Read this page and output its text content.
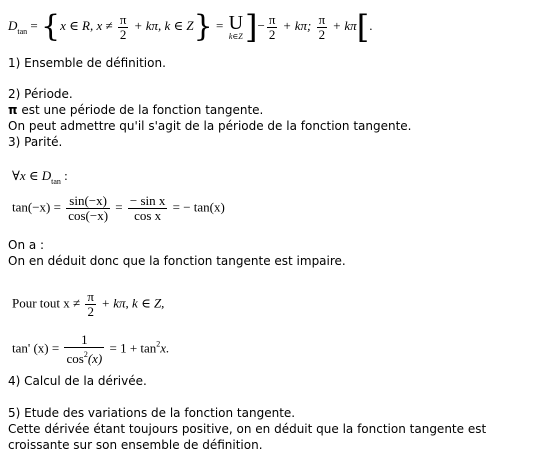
$D_{tan} = \{x$ ∈ R, $x \ne \frac{\pi}{2} + k\pi$, k ∈ Z} = U
k∈Z ]− $\frac{\pi}{2} + k\pi$; $\frac{\pi}{2} + k\pi$[.
1) Ensemble de définition.
2) Période.
π est une période de la fonction tangente.
On peut admettre qu'il s'agit de la période de la fonction tangente.
3) Parité.
∀x ∈ $D_{tan}$ :
$\tan(-x) = \frac{\sin(-x)}{\cos(-x)} = \frac{\text{− sin x}}{\text{cos x}}$ = − tan(x)
On a :
On en déduit donc que la fonction tangente est impaire.
Pour tout $x \ne \frac{\pi}{2} + k\pi$, k ∈ Z,
tan' $(x) = \frac{1}{\cos^2(x)} = 1 + \tan^2x$.
4) Calcul de la dérivée.
5) Etude des variations de la fonction tangente.
Cette dérivée étant toujours positive, on en déduit que la fonction tangente est
croissante sur son ensemble de définition.
